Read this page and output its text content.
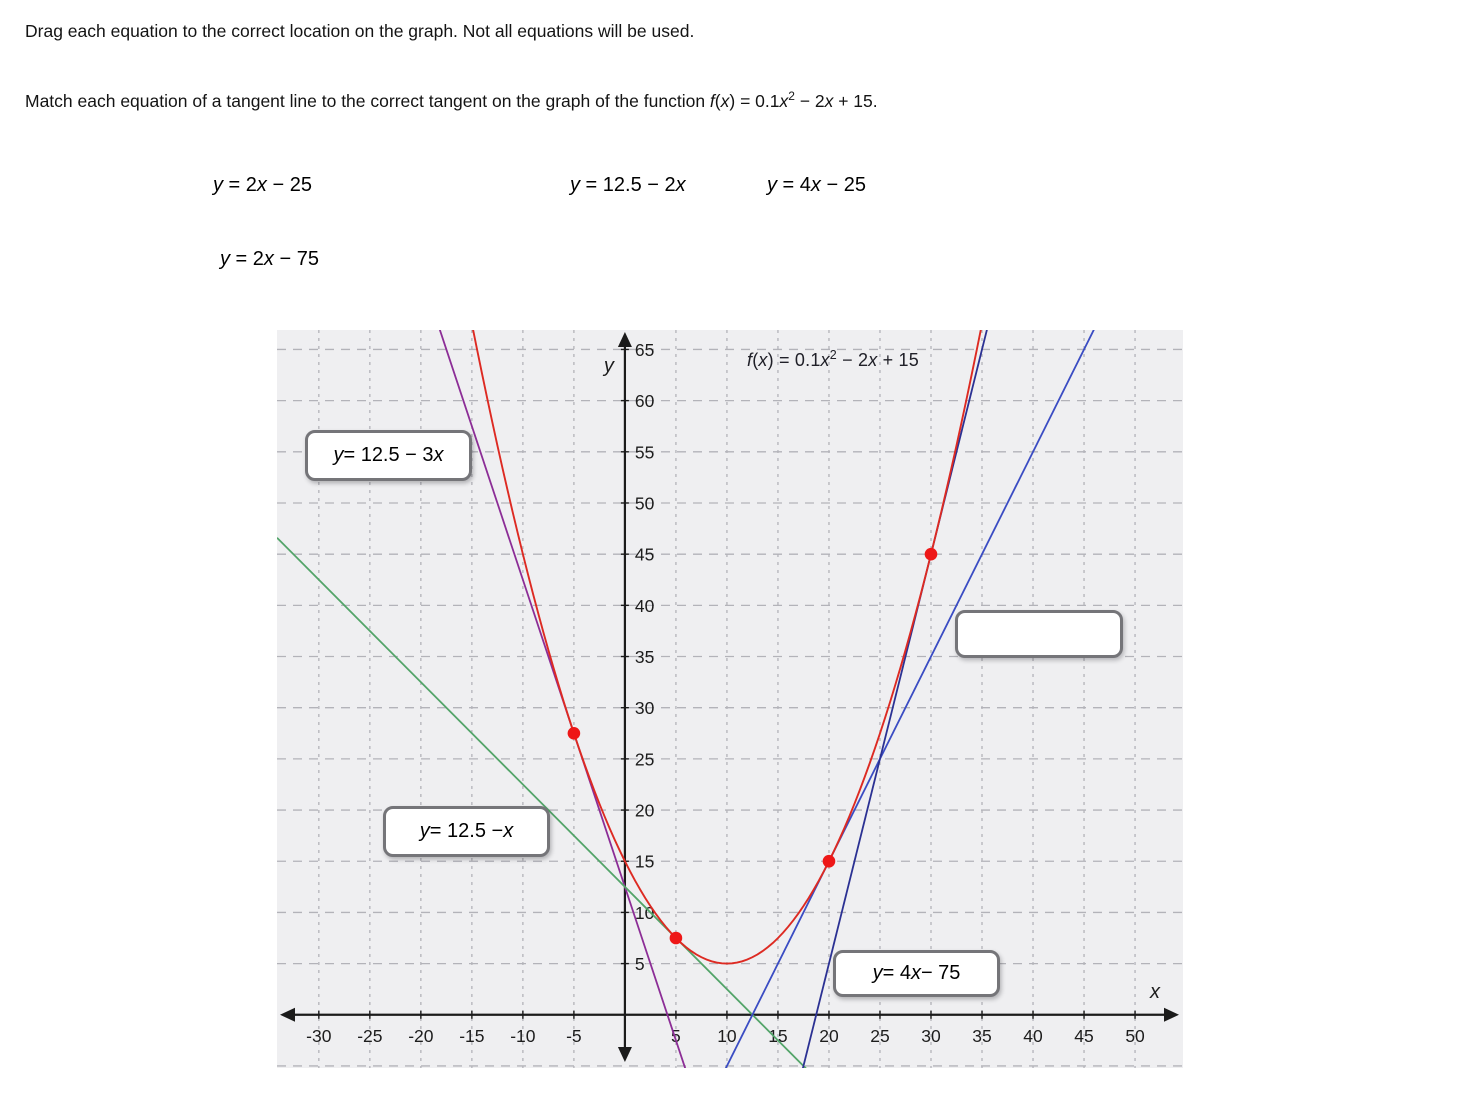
Drag each equation to the correct location on the graph. Not all equations will be used.

Match each equation of a tangent line to the correct tangent on the graph of the function $f(x) = 0.1x^2 - 2x + 15$.

y = 2x − 25	y = 12.5 − 2x	y = 4x − 25
y = 2x − 75
-30 -25 -20 -15 -10 -5	5 10 15 20 25 30 35 40 45 50
5
10
15
20
25
30
35
40
45
50
55
60
65
y
x
$f(x) = 0.1x^2 - 2x + 15$
y = 12.5 − 3 x
y = 12.5 − x
y = 4 x − 75
